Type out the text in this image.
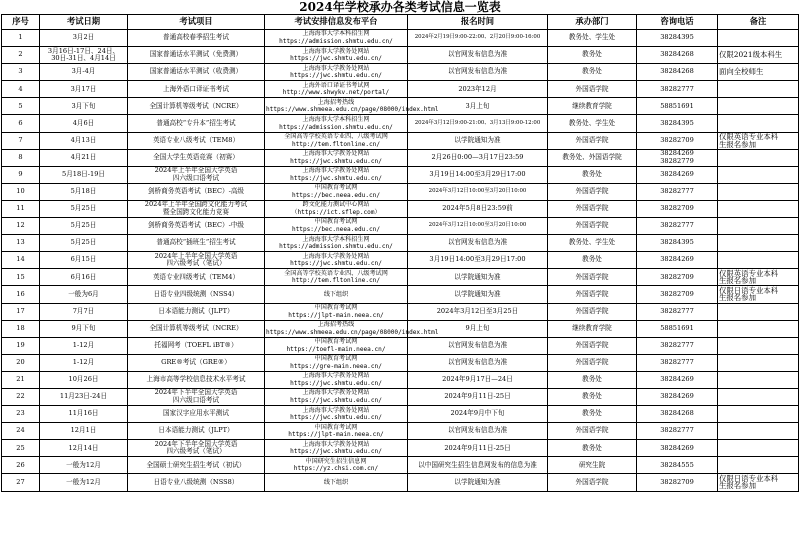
2024年学校承办各类考试信息一览表
序号	考试日期	考试项目	考试安排信息发布平台	报名时间	承办部门	咨询电话	备注
1	3月2日	普通高校春季招生考试	上海海事大学本科招生网
https://admission.shmtu.edu.cn/	2024年2月19日9:00-22:00、2月20日9:00-16:00	教务处、学生处	38284395	

2	3月16日-17日、24日、
30日-31日、4月14日	国家普通话水平测试（免费测）	上海海事大学教务处网站
https://jwc.shmtu.edu.cn/	以官网发布信息为准	教务处	38284268	仅限2021级本科生

3	3月-4月	国家普通话水平测试（收费测）	上海海事大学教务处网站
https://jwc.shmtu.edu.cn/	以官网发布信息为准	教务处	38284268	面向全校师生

4	3月17日	上海外语口译证书考试	上海外语口译证书考试网
http://www.shwykv.net/portal/	2023年12月	外国语学院	38282777	

5	3月下旬	全国计算机等级考试（NCRE）	上海招考热线
https://www.shmeea.edu.cn/page/08000/index.html	3月上旬	继续教育学院	58851691	

6	4月6日	普通高校“专升本”招生考试	上海海事大学本科招生网
https://admission.shmtu.edu.cn/	2024年3月12日9:00-21:00、3月13日9:00-12:00	教务处、学生处	38284395	

7	4月13日	英语专业八级考试（TEM8）	全国高等学校英语专业四、八级考试网
http://tem.fltonline.cn/	以学院通知为准	外国语学院	38282709	仅限英语专业本科
生报名参加

8	4月21日	全国大学生英语竞赛（初赛）	上海海事大学教务处网站
https://jwc.shmtu.edu.cn/	2月26日0:00—3月17日23:59	教务处、外国语学院	38284269
38282779	

9	5月18日-19日	2024年上半年全国大学英语
四六级口语考试	上海海事大学教务处网站
https://jwc.shmtu.edu.cn/	3月19日14:00至3月29日17:00	教务处	38284269	

10	5月18日	剑桥商务英语考试（BEC）-高级	中国教育考试网
https://bec.neea.edu.cn/	2024年3月12日10:00至3月20日10:00	外国语学院	38282777	

11	5月25日	2024年上半年全国跨文化能力考试
暨全国跨文化能力竞赛	跨文化能力测试中心网站
（https://ict.sflep.com）	2024年5月8日23:59前	外国语学院	38282709	

12	5月25日	剑桥商务英语考试（BEC）-中级	中国教育考试网
https://bec.neea.edu.cn/	2024年3月12日10:00至3月20日10:00	外国语学院	38282777	

13	5月25日	普通高校“插班生”招生考试	上海海事大学本科招生网
https://admission.shmtu.edu.cn/	以官网发布信息为准	教务处、学生处	38284395	

14	6月15日	2024年上半年全国大学英语
四六级考试（笔试）	上海海事大学教务处网站
https://jwc.shmtu.edu.cn/	3月19日14:00至3月29日17:00	教务处	38284269	

15	6月16日	英语专业四级考试（TEM4）	全国高等学校英语专业四、八级考试网
http://tem.fltonline.cn/	以学院通知为准	外国语学院	38282709	仅限英语专业本科
生报名参加

16	一般为6月	日语专业四级统测（NSS4）	线下组织	以学院通知为准	外国语学院	38282709	仅限日语专业本科
生报名参加

17	7月7日	日本语能力测试（JLPT）	中国教育考试网
https://jlpt-main.neea.cn/	2024年3月12日至3月25日	外国语学院	38282777	

18	9月下旬	全国计算机等级考试（NCRE）	上海招考热线
https://www.shmeea.edu.cn/page/08000/index.html	9月上旬	继续教育学院	58851691	

19	1-12月	托福网考（TOEFL iBT®）	中国教育考试网
https://toefl-main.neea.cn/	以官网发布信息为准	外国语学院	38282777	

20	1-12月	GRE®考试（GRE®）	中国教育考试网
https://gre-main.neea.cn/	以官网发布信息为准	外国语学院	38282777	

21	10月26日	上海市高等学校信息技术水平考试	上海海事大学教务处网站
https://jwc.shmtu.edu.cn/	2024年9月17日—24日	教务处	38284269	

22	11月23日-24日	2024年下半年全国大学英语
四六级口语考试	上海海事大学教务处网站
https://jwc.shmtu.edu.cn/	2024年9月11日-25日	教务处	38284269	

23	11月16日	国家汉字应用水平测试	上海海事大学教务处网站
https://jwc.shmtu.edu.cn/	2024年9月中下旬	教务处	38284268	

24	12月1日	日本语能力测试（JLPT）	中国教育考试网
https://jlpt-main.neea.cn/	以官网发布信息为准	外国语学院	38282777	

25	12月14日	2024年下半年全国大学英语
四六级考试（笔试）	上海海事大学教务处网站
https://jwc.shmtu.edu.cn/	2024年9月11日-25日	教务处	38284269	

26	一般为12月	全国硕士研究生招生考试（初试）	中国研究生招生信息网
https://yz.chsi.com.cn/	以中国研究生招生信息网发布的信息为准	研究生院	38284555	

27	一般为12月	日语专业八级统测（NSS8）	线下组织	以学院通知为准	外国语学院	38282709	仅限日语专业本科
生报名参加
